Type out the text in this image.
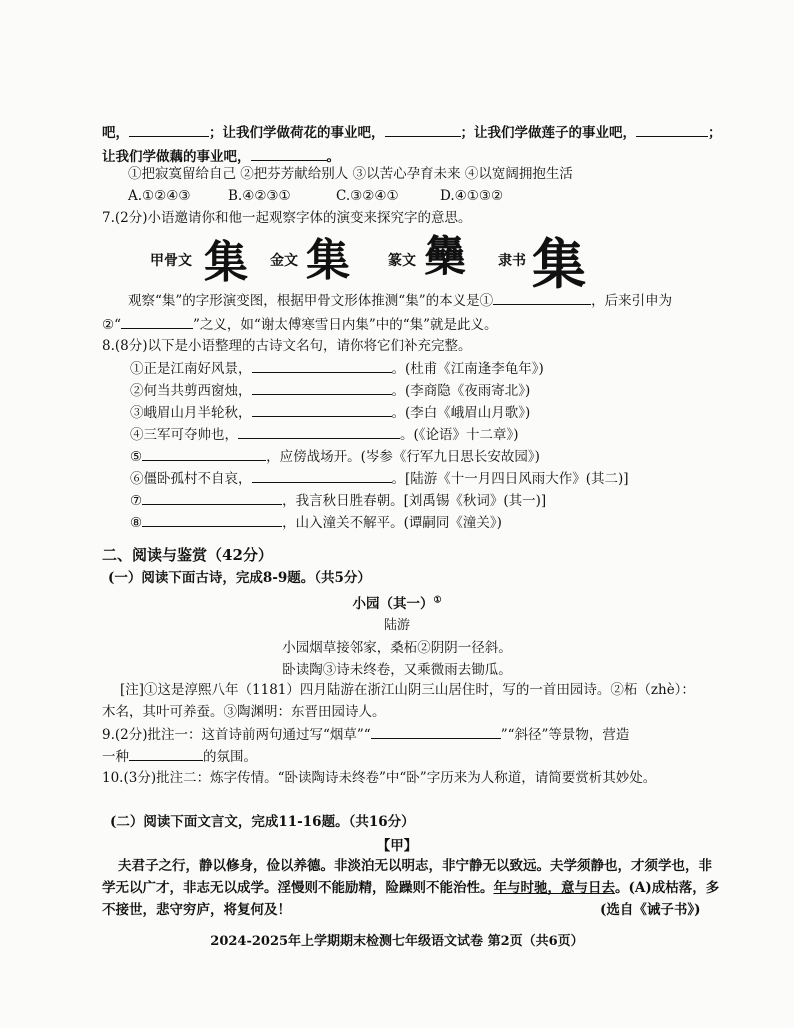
吧，	；让我们学做荷花的事业吧，	；让我们学做莲子的事业吧，	；
让我们学做藕的事业吧，	。
①把寂寞留给自己 ②把芬芳献给别人 ③以苦心孕育未来 ④以宽阔拥抱生活
A.①②④③	B.④②③①	C.③②④①	D.④①③②
7.(2分)小语邀请你和他一起观察字体的演变来探究字的意思。
甲骨文 集 金文 集	篆文 雧 隶书 集
观察“集”的字形演变图，根据甲骨文形体推测“集”的本义是①	，后来引申为
②“	”之义，如“谢太傅寒雪日内集”中的“集”就是此义。
8.(8分)以下是小语整理的古诗文名句，请你将它们补充完整。
①正是江南好风景，	。(杜甫《江南逢李龟年》)
②何当共剪西窗烛，	。(李商隐《夜雨寄北》)
③峨眉山月半轮秋，	。(李白《峨眉山月歌》)
④三军可夺帅也，	。(《论语》十二章》)
⑤	，应傍战场开。(岑参《行军九日思长安故园》)
⑥僵卧孤村不自哀，	。[陆游《十一月四日风雨大作》(其二)]
⑦	，我言秋日胜春朝。[刘禹锡《秋词》(其一)]
⑧	，山入潼关不解平。(谭嗣同《潼关》)
二、阅读与鉴赏（42分）
(一）阅读下面古诗，完成8-9题。（共5分）
小园（其一）①
陆游
小园烟草接邻家，桑柘②阴阴一径斜。
卧读陶③诗未终卷，又乘微雨去锄瓜。
[注]①这是淳熙八年（1181）四月陆游在浙江山阴三山居住时，写的一首田园诗。②柘（zhè）：
木名，其叶可养蚕。③陶渊明：东晋田园诗人。
9.(2分)批注一：这首诗前两句通过写“烟草”“	”“斜径”等景物，营造
一种	的氛围。
10.(3分)批注二：炼字传情。“卧读陶诗未终卷”中“卧”字历来为人称道，请简要赏析其妙处。
(二）阅读下面文言文，完成11-16题。（共16分）
【甲】
夫君子之行，静以修身，俭以养德。非淡泊无以明志，非宁静无以致远。夫学须静也，才须学也，非
学无以广才，非志无以成学。淫慢则不能励精，险躁则不能治性。年与时驰，意与日去。(A)成枯落，多
不接世，悲守穷庐，将复何及！	(选自《诫子书》)
2024-2025年上学期期末检测七年级语文试卷 第2页（共6页）
